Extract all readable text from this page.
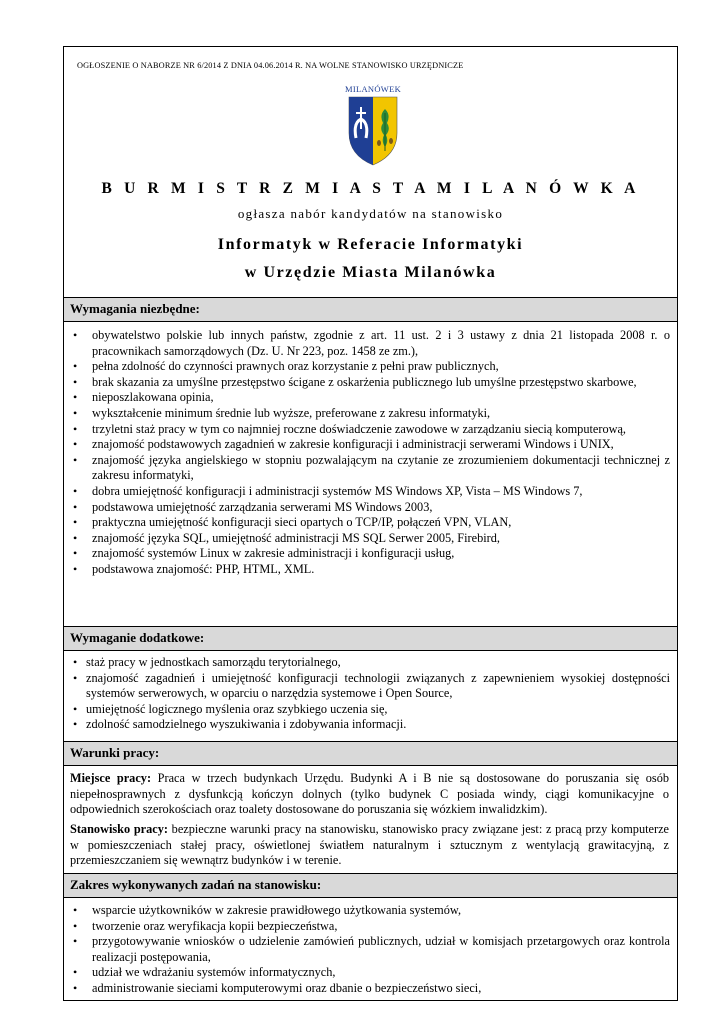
OGŁOSZENIE O NABORZE NR 6/2014 Z DNIA 04.06.2014 R. NA WOLNE STANOWISKO URZĘDNICZE
MILANÓWEK
B U R M I S T R Z M I A S T A M I L A N Ó W K A
ogłasza nabór kandydatów na stanowisko
Informatyk w Referacie Informatyki
w Urzędzie Miasta Milanówka
Wymagania niezbędne:
• obywatelstwo polskie lub innych państw, zgodnie z art. 11 ust. 2 i 3 ustawy z dnia 21 listopada 2008 r. o pracownikach samorządowych (Dz. U. Nr 223, poz. 1458 ze zm.),
• pełna zdolność do czynności prawnych oraz korzystanie z pełni praw publicznych,
• brak skazania za umyślne przestępstwo ścigane z oskarżenia publicznego lub umyślne przestępstwo skarbowe,
• nieposzlakowana opinia,
• wykształcenie minimum średnie lub wyższe, preferowane z zakresu informatyki,
• trzyletni staż pracy w tym co najmniej roczne doświadczenie zawodowe w zarządzaniu siecią komputerową,
• znajomość podstawowych zagadnień w zakresie konfiguracji i administracji serwerami Windows i UNIX,
• znajomość języka angielskiego w stopniu pozwalającym na czytanie ze zrozumieniem dokumentacji technicznej z zakresu informatyki,
• dobra umiejętność konfiguracji i administracji systemów MS Windows XP, Vista – MS Windows 7,
• podstawowa umiejętność zarządzania serwerami MS Windows 2003,
• praktyczna umiejętność konfiguracji sieci opartych o TCP/IP, połączeń VPN, VLAN,
• znajomość języka SQL, umiejętność administracji MS SQL Serwer 2005, Firebird,
• znajomość systemów Linux w zakresie administracji i konfiguracji usług,
• podstawowa znajomość: PHP, HTML, XML.
Wymaganie dodatkowe:
• staż pracy w jednostkach samorządu terytorialnego,
• znajomość zagadnień i umiejętność konfiguracji technologii związanych z zapewnieniem wysokiej dostępności systemów serwerowych, w oparciu o narzędzia systemowe i Open Source,
• umiejętność logicznego myślenia oraz szybkiego uczenia się,
• zdolność samodzielnego wyszukiwania i zdobywania informacji.
Warunki pracy:
Miejsce pracy: Praca w trzech budynkach Urzędu. Budynki A i B nie są dostosowane do poruszania się osób niepełnosprawnych z dysfunkcją kończyn dolnych (tylko budynek C posiada windy, ciągi komunikacyjne o odpowiednich szerokościach oraz toalety dostosowane do poruszania się wózkiem inwalidzkim).
Stanowisko pracy: bezpieczne warunki pracy na stanowisku, stanowisko pracy związane jest: z pracą przy komputerze w pomieszczeniach stałej pracy, oświetlonej światłem naturalnym i sztucznym z wentylacją grawitacyjną, z przemieszczaniem się wewnątrz budynków i w terenie.
Zakres wykonywanych zadań na stanowisku:
• wsparcie użytkowników w zakresie prawidłowego użytkowania systemów,
• tworzenie oraz weryfikacja kopii bezpieczeństwa,
• przygotowywanie wniosków o udzielenie zamówień publicznych, udział w komisjach przetargowych oraz kontrola realizacji postępowania,
• udział we wdrażaniu systemów informatycznych,
• administrowanie sieciami komputerowymi oraz dbanie o bezpieczeństwo sieci,
